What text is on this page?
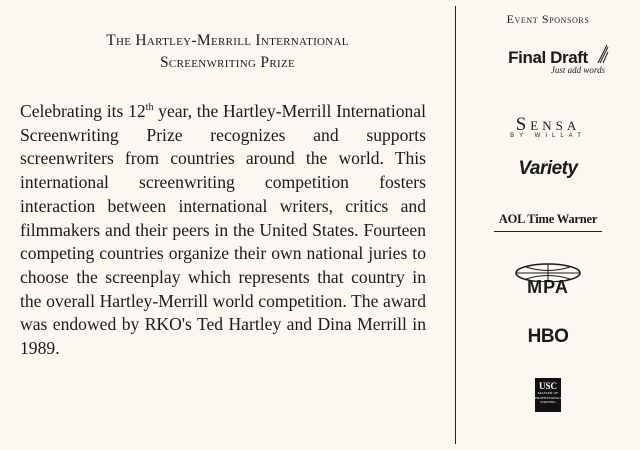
The Hartley-Merrill International
Screenwriting Prize

Celebrating its 12th year, the Hartley-Merrill International Screenwriting Prize recognizes and supports screenwriters from countries around the world. This international screenwriting competition fosters interaction between international writers, critics and filmmakers and their peers in the United States. Fourteen competing countries organize their own national juries to choose the screenplay which represents that country in the overall Hartley-Merrill world competition. The award was endowed by RKO's Ted Hartley and Dina Merrill in 1989.

Event Sponsors
Final Draft
Just add words
Sensa
BY WILLAT
Variety
AOL Time Warner
MPA
HBO
USC
MASTER OF PROFESSIONAL WRITING
